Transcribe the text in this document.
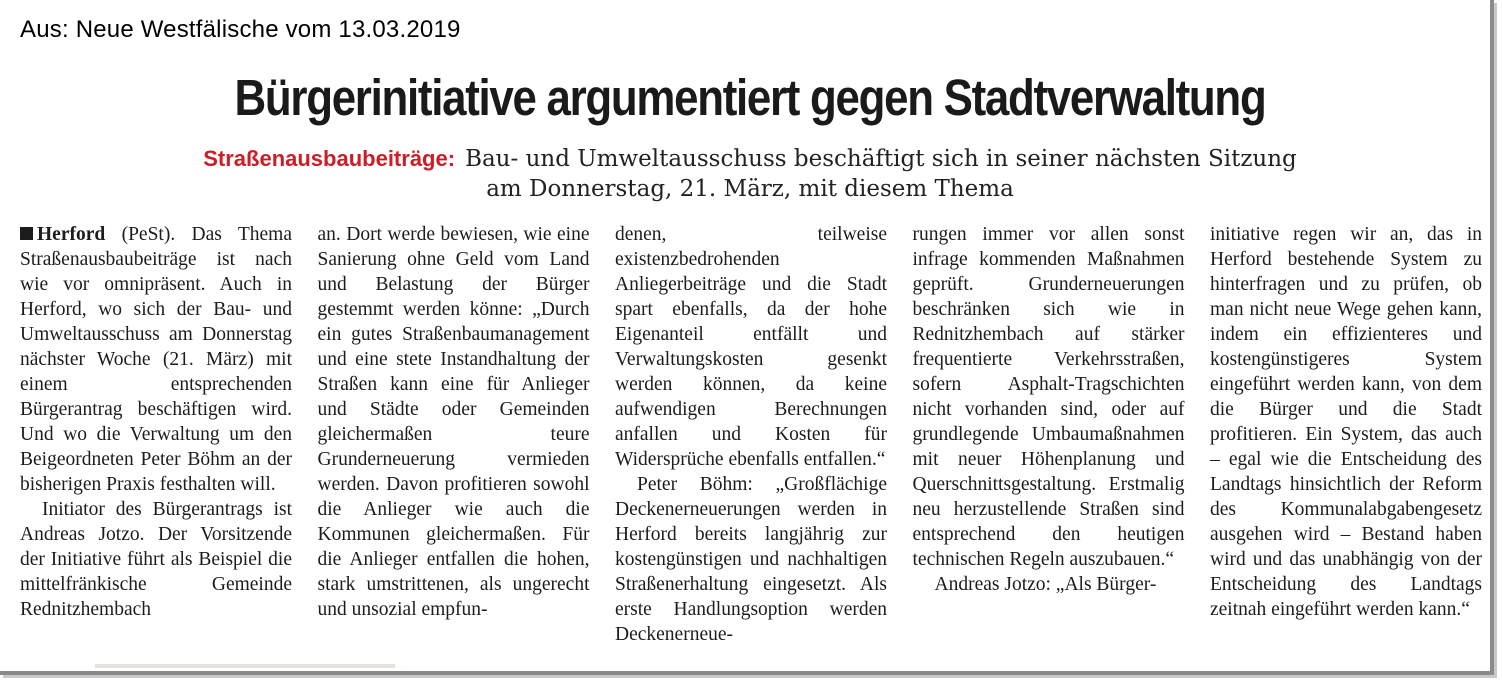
Aus: Neue Westfälische vom 13.03.2019
Bürgerinitiative argumentiert gegen Stadtverwaltung
Straßenausbaubeiträge: Bau- und Umweltausschuss beschäftigt sich in seiner nächsten Sitzung
am Donnerstag, 21. März, mit diesem Thema

Herford (PeSt). Das Thema Straßenausbaubeiträge ist nach wie vor omnipräsent. Auch in Herford, wo sich der Bau- und Umweltausschuss am Donnerstag nächster Woche (21. März) mit einem entsprechenden Bürgerantrag beschäftigen wird. Und wo die Verwaltung um den Beigeordneten Peter Böhm an der bisherigen Praxis festhalten will.

Initiator des Bürgerantrags ist Andreas Jotzo. Der Vorsitzende der Initiative führt als Beispiel die mittelfränkische Gemeinde Rednitzhembach

an. Dort werde bewiesen, wie eine Sanierung ohne Geld vom Land und Belastung der Bürger gestemmt werden könne: „Durch ein gutes Straßenbaumanagement und eine stete Instandhaltung der Straßen kann eine für Anlieger und Städte oder Gemeinden gleichermaßen teure Grunderneuerung vermieden werden. Davon profitieren sowohl die Anlieger wie auch die Kommunen gleichermaßen. Für die Anlieger entfallen die hohen, stark umstrittenen, als ungerecht und unsozial empfun-

denen, teilweise existenzbedrohenden Anliegerbeiträge und die Stadt spart ebenfalls, da der hohe Eigenanteil entfällt und Verwaltungskosten gesenkt werden können, da keine aufwendigen Berechnungen anfallen und Kosten für Widersprüche ebenfalls entfallen.“

Peter Böhm: „Großflächige Deckenerneuerungen werden in Herford bereits langjährig zur kostengünstigen und nachhaltigen Straßenerhaltung eingesetzt. Als erste Handlungsoption werden Deckenerneue-

rungen immer vor allen sonst infrage kommenden Maßnahmen geprüft. Grunderneuerungen beschränken sich wie in Rednitzhembach auf stärker frequentierte Verkehrsstraßen, sofern Asphalt-Tragschichten nicht vorhanden sind, oder auf grundlegende Umbaumaßnahmen mit neuer Höhenplanung und Querschnittsgestaltung. Erstmalig neu herzustellende Straßen sind entsprechend den heutigen technischen Regeln auszubauen.“

Andreas Jotzo: „Als Bürger-

initiative regen wir an, das in Herford bestehende System zu hinterfragen und zu prüfen, ob man nicht neue Wege gehen kann, indem ein effizienteres und kostengünstigeres System eingeführt werden kann, von dem die Bürger und die Stadt profitieren. Ein System, das auch – egal wie die Entscheidung des Landtags hinsichtlich der Reform des Kommunalabgabengesetz ausgehen wird – Bestand haben wird und das unabhängig von der Entscheidung des Landtags zeitnah eingeführt werden kann.“
